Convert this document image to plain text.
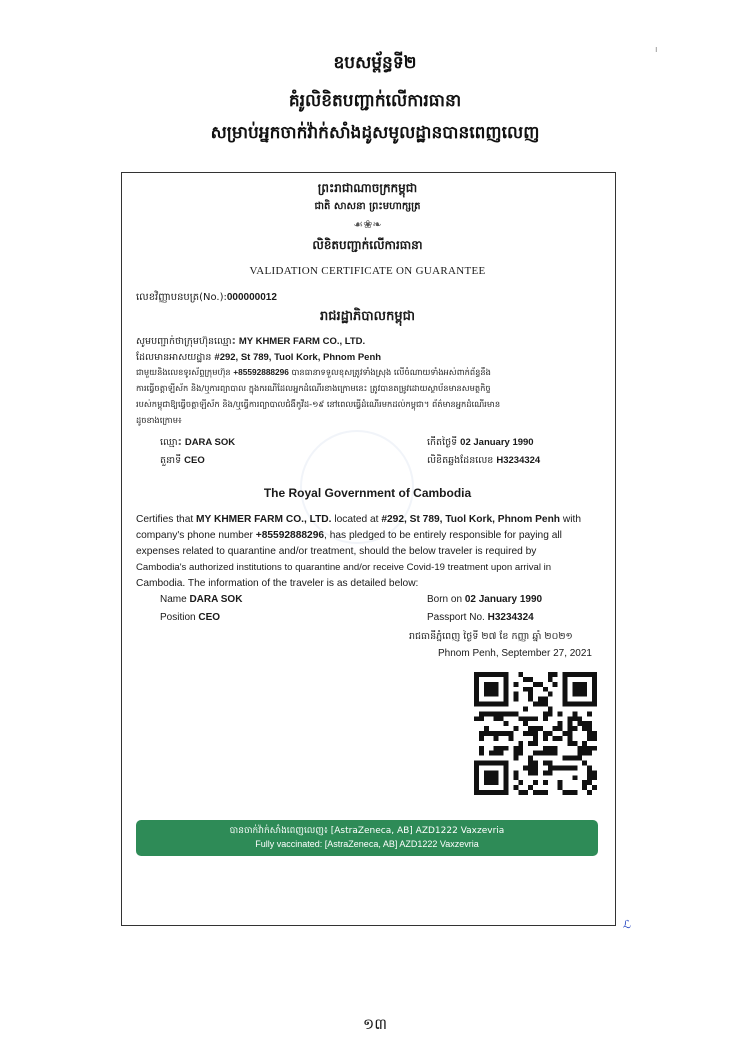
ı
ឧបសម្ព័ន្ធទី២
គំរូលិខិតបញ្ជាក់លើការធានា
សម្រាប់អ្នកចាក់វ៉ាក់សាំងដូសមូលដ្ឋានបានពេញលេញ
ព្រះរាជាណាចក្រកម្ពុជា
ជាតិ សាសនា ព្រះមហាក្សត្រ
☙❀❧
លិខិតបញ្ជាក់លើការធានា
VALIDATION CERTIFICATE ON GUARANTEE
លេខវិញ្ញាបនបត្រ(No.):000000012
រាជរដ្ឋាភិបាលកម្ពុជា
សូមបញ្ជាក់ថាក្រុមហ៊ុនឈ្មោះ MY KHMER FARM CO., LTD.
ដែលមានអាសយដ្ឋាន #292, St 789, Tuol Kork, Phnom Penh
ជាមួយនិងលេខទូរស័ព្ទក្រុមហ៊ុន +85592888296 បានធានាទទួលខុសត្រូវទាំងស្រុង លើចំណាយទាំងអស់ពាក់ព័ន្ធនឹង
ការធ្វើចត្តាឡីស័ក និង/ឬការព្យាបាល ក្នុងករណីដែលអ្នកដំណើរខាងក្រោមនេះ ត្រូវបានតម្រូវដោយស្ថាប័នមានសមត្ថកិច្ច
របស់កម្ពុជាឱ្យធ្វើចត្តាឡីស័ក និង/ឬធ្វើការព្យាបាលជំងឺកូវីដ-១៩ នៅពេលធ្វើដំណើរមកដល់កម្ពុជា។ ព័ត៌មានអ្នកដំណើរមាន
ដូចខាងក្រោម៖
ឈ្មោះ DARA SOK
តួនាទី CEO
កើតថ្ងៃទី 02 January 1990
លិខិតឆ្លងដែនលេខ H3234324
The Royal Government of Cambodia
Certifies that MY KHMER FARM CO., LTD. located at #292, St 789, Tuol Kork, Phnom Penh with
company's phone number +85592888296, has pledged to be entirely responsible for paying all
expenses related to quarantine and/or treatment, should the below traveler is required by
Cambodia's authorized institutions to quarantine and/or receive Covid-19 treatment upon arrival in
Cambodia. The information of the traveler is as detailed below:
Name DARA SOK
Position CEO
Born on 02 January 1990
Passport No. H3234324
រាជធានីភ្នំពេញ ថ្ងៃទី ២៧ ខែ កញ្ញា ឆ្នាំ ២០២១
Phnom Penh, September 27, 2021
បានចាក់វ៉ាក់សាំងពេញលេញ៖ [AstraZeneca, AB] AZD1222 Vaxzevria
Fully vaccinated: [AstraZeneca, AB] AZD1222 Vaxzevria
ℒ
១៣
